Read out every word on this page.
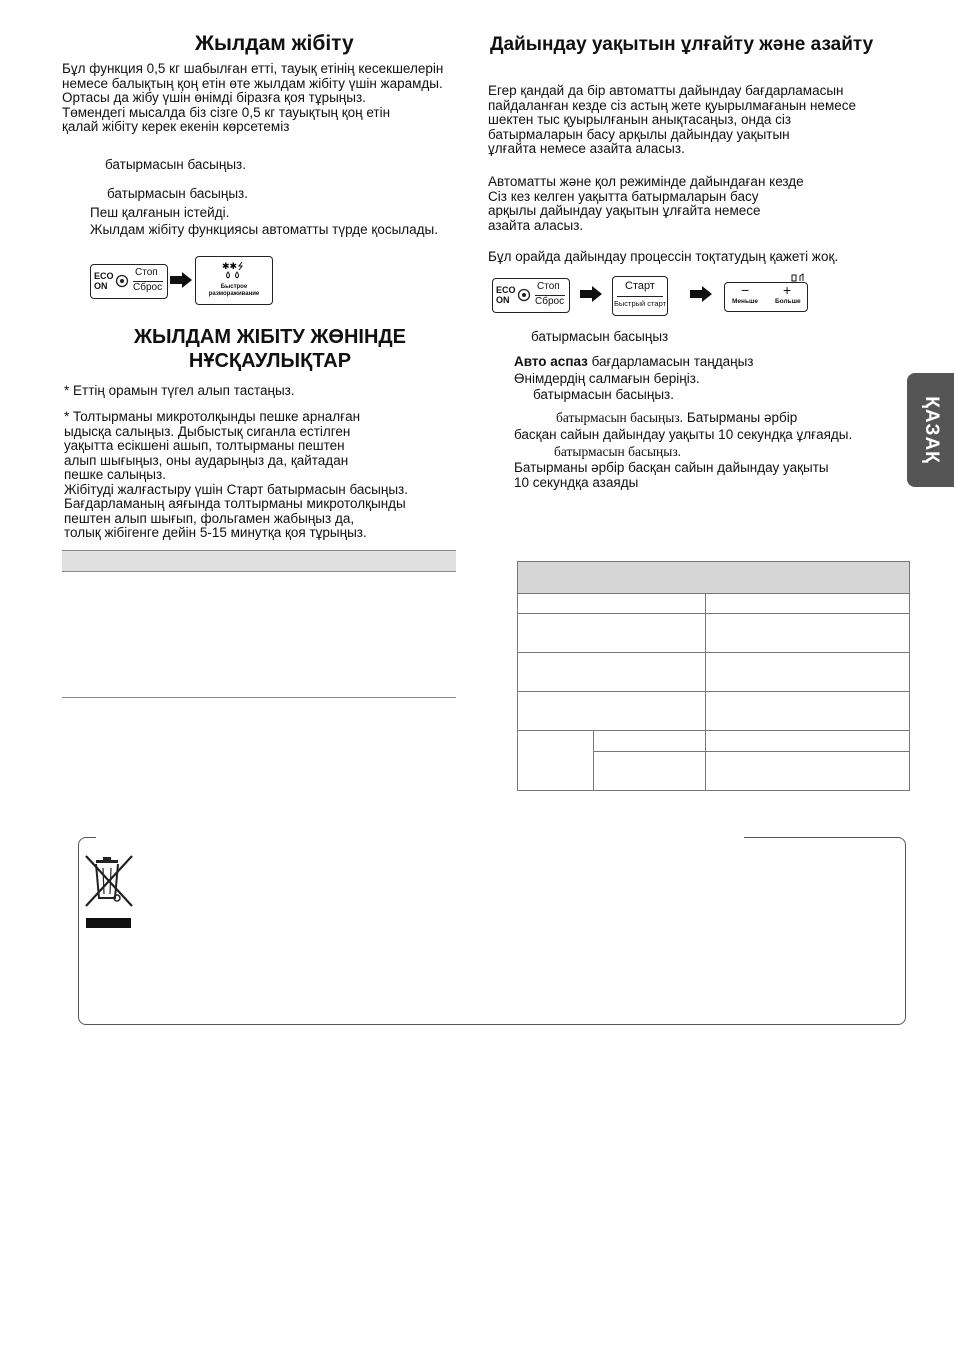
Жылдам жібіту
Бұл функция 0,5 кг шабылған етті, тауық етінің кесекшелерін
немесе балықтың қоң етін өте жылдам жібіту үшін жарамды.
Ортасы да жібу үшін өнімді біразға қоя тұрыңыз.
Төмендегі мысалда біз сізге 0,5 кг тауықтың қоң етін
қалай жібіту керек екенін көрсетеміз
батырмасын басыңыз.
батырмасын басыңыз.
Пеш қалғанын істейді.
Жылдам жібіту функциясы автоматты түрде қосылады.
ECO
ON
Стоп
Сброс
✱✱
Быстрое
размораживание
ЖЫЛДАМ ЖІБІТУ ЖӨНІНДЕ
НҰСҚАУЛЫҚТАР
* Еттің орамын түгел алып тастаңыз.
* Толтырманы микротолқынды пешке арналған
ыдысқа салыңыз. Дыбыстық сиганла естілген
уақытта есікшені ашып, толтырманы пештен
алып шығыңыз, оны аударыңыз да, қайтадан
пешке салыңыз.
Жібітуді жалғастыру үшін Старт батырмасын басыңыз.
Бағдарламаның аяғында толтырманы микротолқынды
пештен алып шығып, фольгамен жабыңыз да,
толық жібігенге дейін 5-15 минутқа қоя тұрыңыз.
Дайындау уақытын ұлғайту және азайту
Егер қандай да бір автоматты дайындау бағдарламасын
пайдаланған кезде сіз астың жете қуырылмағанын немесе
шектен тыс қуырылғанын анықтасаңыз, онда сіз
батырмаларын басу арқылы дайындау уақытын
ұлғайта немесе азайта аласыз.
Автоматты және қол режимінде дайындаған кезде
Сіз кез келген уақытта батырмаларын басу
арқылы дайындау уақытын ұлғайта немесе
азайта аласыз.
Бұл орайда дайындау процессін тоқтатудың қажеті жоқ.
ECO
ON
Стоп
Сброс
Старт
Быстрый старт
− +
Меньше	Больше
батырмасын басыңыз
Авто аспаз бағдарламасын таңдаңыз
Өнімдердің салмағын беріңіз.
батырмасын басыңыз.
батырмасын басыңыз. Батырманы әрбір
басқан сайын дайындау уақыты 10 секундқа ұлғаяды.
батырмасын басыңыз.
Батырманы әрбір басқан сайын дайындау уақыты
10 секундқа азаяды

ҚАЗАҚ
